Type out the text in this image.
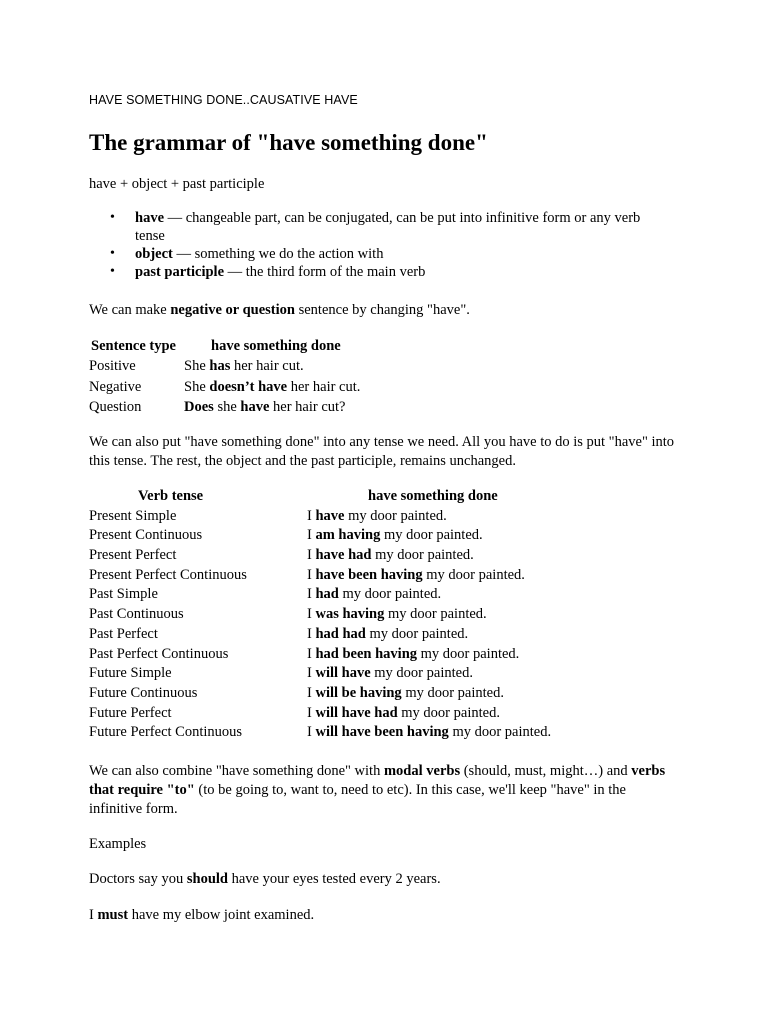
HAVE SOMETHING DONE..CAUSATIVE HAVE
The grammar of "have something done"

have + object + past participle

• have — changeable part, can be conjugated, can be put into infinitive form or any verb tense
• object — something we do the action with
• past participle — the third form of the main verb

We can make negative or question sentence by changing "have".

Sentence type	have something done
Positive	She has her hair cut.
Negative	She doesn’t have her hair cut.
Question	Does she have her hair cut?

We can also put "have something done" into any tense we need. All you have to do is put "have" into this tense. The rest, the object and the past participle, remains unchanged.

Verb tense	have something done
Present Simple	I have my door painted.
Present Continuous	I am having my door painted.
Present Perfect	I have had my door painted.
Present Perfect Continuous	I have been having my door painted.
Past Simple	I had my door painted.
Past Continuous	I was having my door painted.
Past Perfect	I had had my door painted.
Past Perfect Continuous	I had been having my door painted.
Future Simple	I will have my door painted.
Future Continuous	I will be having my door painted.
Future Perfect	I will have had my door painted.
Future Perfect Continuous	I will have been having my door painted.

We can also combine "have something done" with modal verbs (should, must, might…) and verbs that require "to" (to be going to, want to, need to etc). In this case, we'll keep "have" in the infinitive form.

Examples

Doctors say you should have your eyes tested every 2 years.

I must have my elbow joint examined.
